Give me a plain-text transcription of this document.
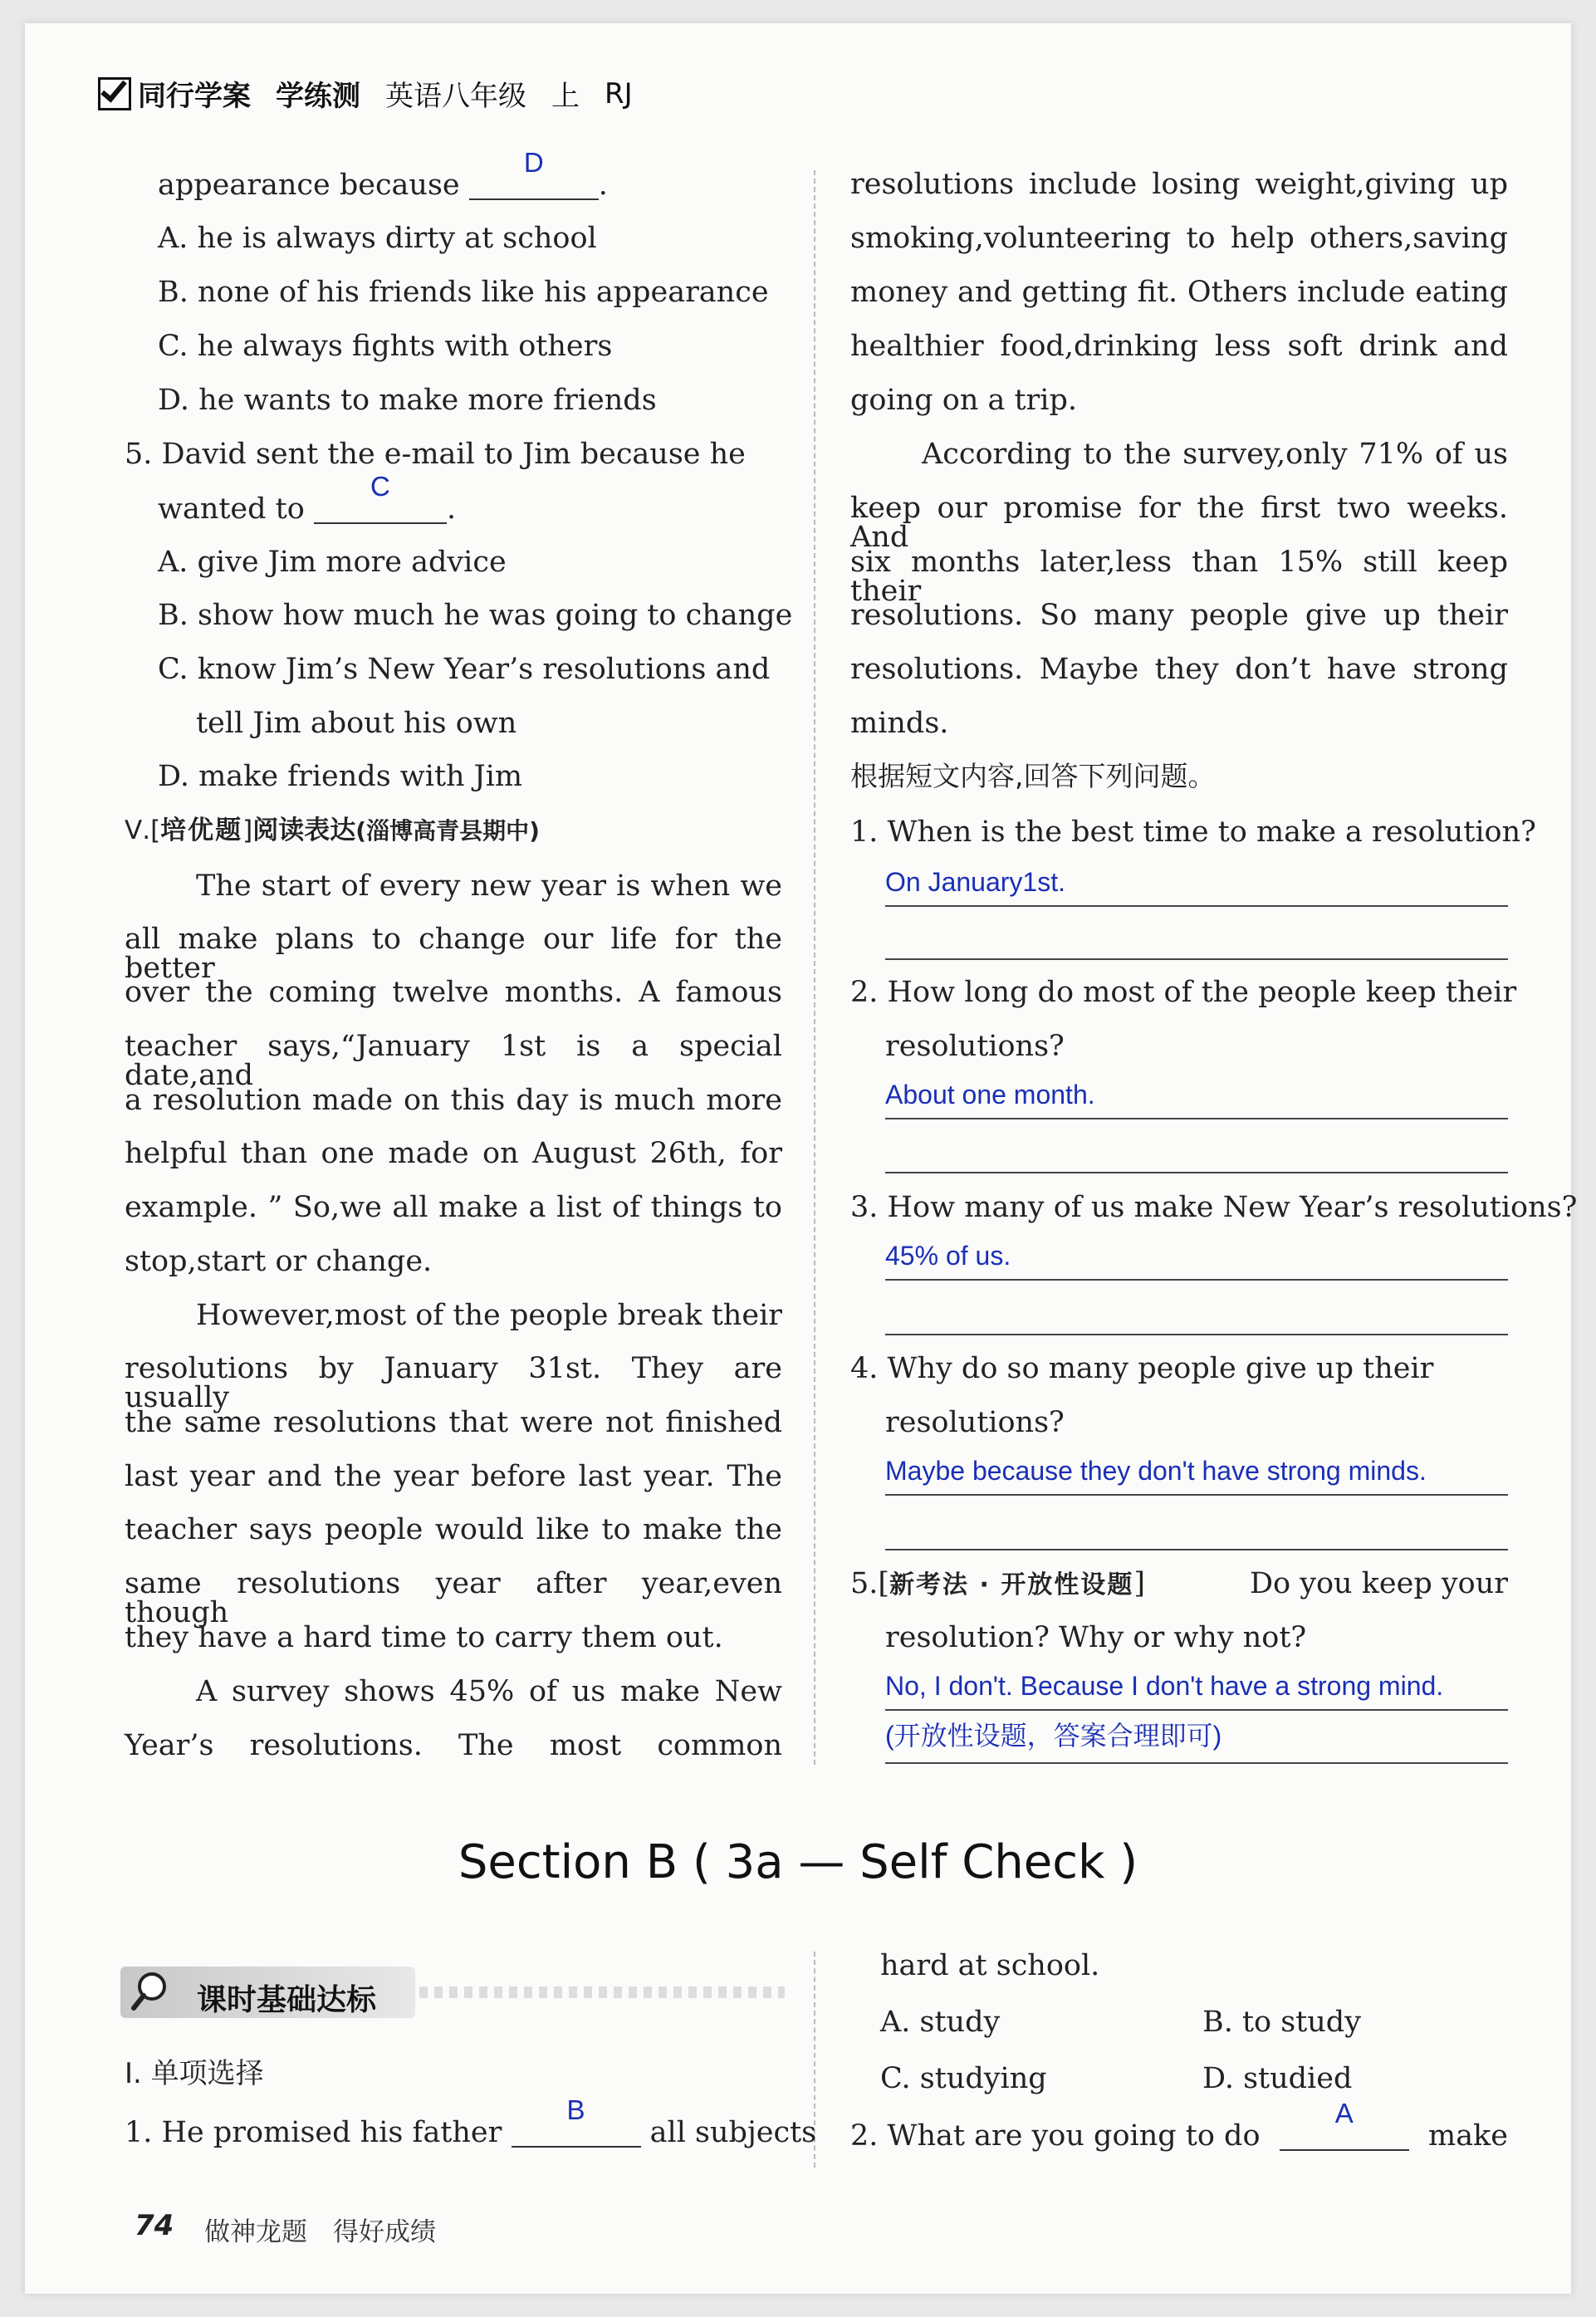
同行学案 学练测 英语八年级 上 RJ
appearance because
D
.
A. he is always dirty at school
B. none of his friends like his appearance
C. he always fights with others
D. he wants to make more friends
5. David sent the e-mail to Jim because he
wanted to
C
.
A. give Jim more advice
B. show how much he was going to change
C. know Jim’s New Year’s resolutions and
tell Jim about his own
D. make friends with Jim
Ⅴ.[培优题]阅读表达(淄博高青县期中)
The start of every new year is when we
all make plans to change our life for the better
over the coming twelve months. A famous
teacher says,“January 1st is a special date,and
a resolution made on this day is much more
helpful than one made on August 26th, for
example. ” So,we all make a list of things to
stop,start or change.
However,most of the people break their
resolutions by January 31st. They are usually
the same resolutions that were not finished
last year and the year before last year. The
teacher says people would like to make the
same resolutions year after year,even though
they have a hard time to carry them out.
A survey shows 45% of us make New
Year’s resolutions. The most common
resolutions include losing weight,giving up
smoking,volunteering to help others,saving
money and getting fit. Others include eating
healthier food,drinking less soft drink and
going on a trip.
According to the survey,only 71% of us
keep our promise for the first two weeks. And
six months later,less than 15% still keep their
resolutions. So many people give up their
resolutions. Maybe they don’t have strong
minds.
根据短文内容,回答下列问题。
1. When is the best time to make a resolution?
On January1st.
2. How long do most of the people keep their
resolutions?
About one month.
3. How many of us make New Year’s resolutions?
45% of us.
4. Why do so many people give up their
resolutions?
Maybe because they don't have strong minds.
5. [ 新考法 · 开放性设题 ]	Do you keep your
resolution? Why or why not?
No, I don't. Because I don't have a strong mind.
(开放性设题，答案合理即可)
Section B ( 3a — Self Check )
课时基础达标
Ⅰ. 单项选择
1. He promised his father
B
all subjects
hard at school.
A. study	B. to study
C. studying	D. studied
2. What are you going to do
A
make
74 做神龙题　得好成绩
